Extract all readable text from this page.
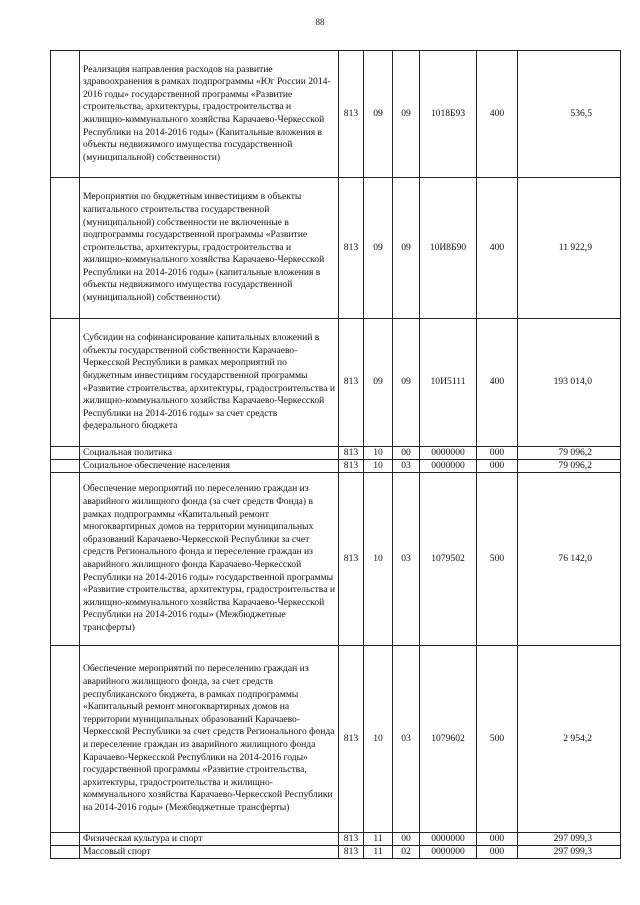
88
	Реализация направления расходов на развитие здравоохранения в рамках подпрограммы «Юг России 2014-2016 годы» государственной программы «Развитие строительства, архитектуры, градостроительства и жилищно-коммунального хозяйства Карачаево-Черкесской Республики на 2014-2016 годы» (Капитальные вложения в объекты недвижимого имущества государственной (муниципальной) собственности)	813	09	09	1018Б93	400	536,5
	Мероприятия по бюджетным инвестициям в объекты капитального строительства государственной (муниципальной) собственности не включенные в подпрограммы государственной программы «Развитие строительства, архитектуры, градостроительства и жилищно-коммунального хозяйства Карачаево-Черкесской Республики на 2014-2016 годы» (капитальные вложения в объекты недвижимого имущества государственной (муниципальной) собственности)	813	09	09	10И8Б90	400	11 922,9
	Субсидии на софинансирование капитальных вложений в объекты государственной собственности Карачаево-Черкесской Республики в рамках мероприятий по бюджетным инвестициям государственной программы «Развитие строительства, архитектуры, градостроительства и жилищно-коммунального хозяйства Карачаево-Черкесской Республики на 2014-2016 годы» за счет средств федерального бюджета	813	09	09	10И5111	400	193 014,0
	Социальная политика	813	10	00	0000000	000	79 096,2
	Социальное обеспечение населения	813	10	03	0000000	000	79 096,2
	Обеспечение мероприятий по переселению граждан из аварийного жилищного фонда (за счет средств Фонда) в рамках подпрограммы «Капитальный ремонт многоквартирных домов на территории муниципальных образований Карачаево-Черкесской Республики за счет средств Регионального фонда и переселение граждан из аварийного жилищного фонда Карачаево-Черкесской Республики на 2014-2016 годы» государственной программы «Развитие строительства, архитектуры, градостроительства и жилищно-коммунального хозяйства Карачаево-Черкесской Республики на 2014-2016 годы» (Межбюджетные трансферты)	813	10	03	1079502	500	76 142,0
	Обеспечение мероприятий по переселению граждан из аварийного жилищного фонда, за счет средств республиканского бюджета, в рамках подпрограммы «Капитальный ремонт многоквартирных домов на территории муниципальных образований Карачаево-Черкесской Республики за счет средств Регионального фонда и переселение граждан из аварийного жилищного фонда Карачаево-Черкесской Республики на 2014-2016 годы» государственной программы «Развитие строительства, архитектуры, градостроительства и жилищно-коммунального хозяйства Карачаево-Черкесской Республики на 2014-2016 годы» (Межбюджетные трансферты)	813	10	03	1079602	500	2 954,2
	Физическая культура и спорт	813	11	00	0000000	000	297 099,3
	Массовый спорт	813	11	02	0000000	000	297 099,3
